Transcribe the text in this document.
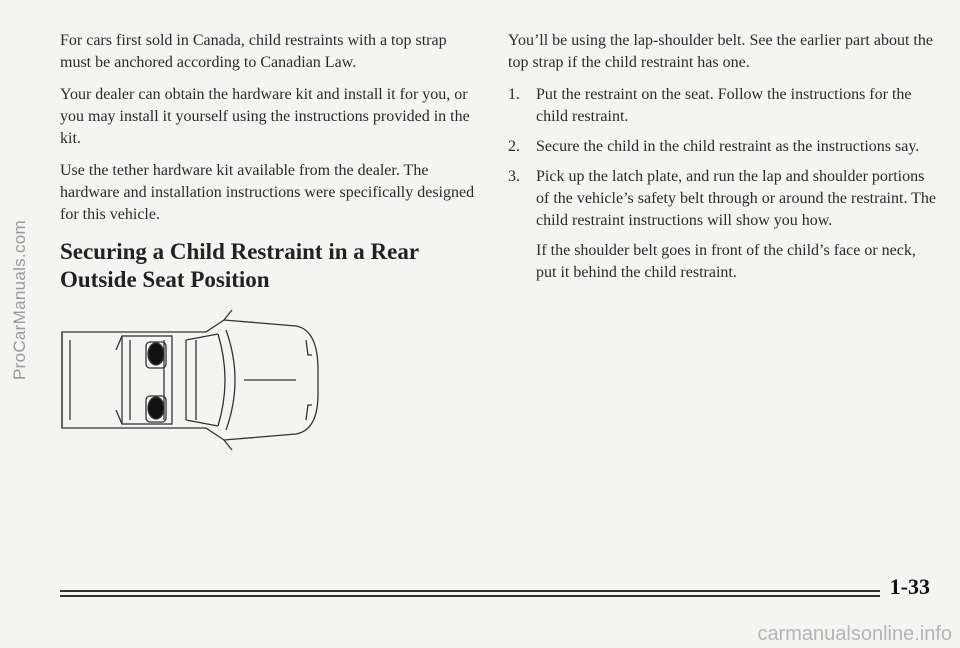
ProCarManuals.com

For cars first sold in Canada, child restraints with a top strap must be anchored according to Canadian Law.

Your dealer can obtain the hardware kit and install it for you, or you may install it yourself using the instructions provided in the kit.

Use the tether hardware kit available from the dealer. The hardware and installation instructions were specifically designed for this vehicle.

Securing a Child Restraint in a Rear Outside Seat Position

You’ll be using the lap-shoulder belt. See the earlier part about the top strap if the child restraint has one.

1.	Put the restraint on the seat. Follow the instructions for the child restraint.
2.	Secure the child in the child restraint as the instructions say.
3.	Pick up the latch plate, and run the lap and shoulder portions of the vehicle’s safety belt through or around the restraint. The child restraint instructions will show you how.

If the shoulder belt goes in front of the child’s face or neck, put it behind the child restraint.

1-33
carmanualsonline.info
